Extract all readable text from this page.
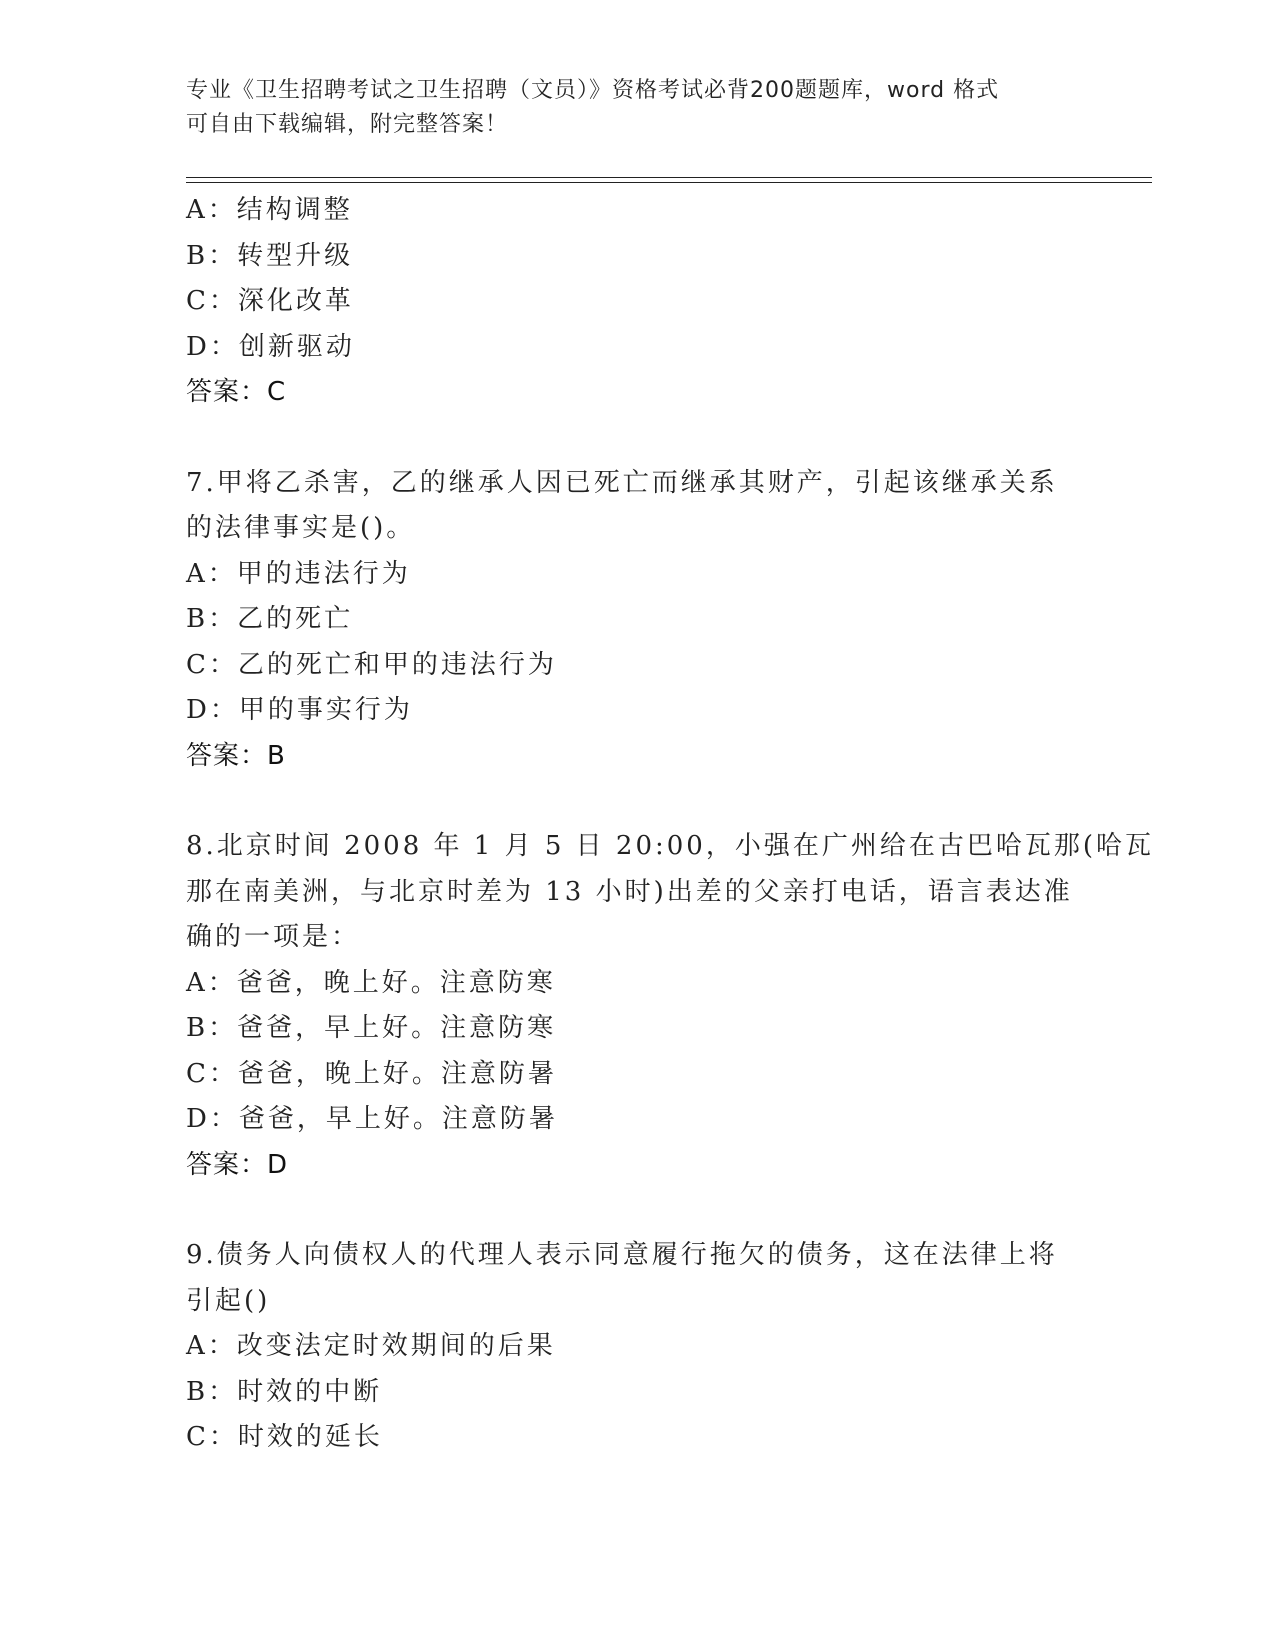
专业《卫生招聘考试之卫生招聘（文员）》资格考试必背200题题库，word 格式
可自由下载编辑，附完整答案！
A：结构调整
B：转型升级
C：深化改革
D：创新驱动
答案：C
7.甲将乙杀害，乙的继承人因已死亡而继承其财产，引起该继承关系
的法律事实是()。
A：甲的违法行为
B：乙的死亡
C：乙的死亡和甲的违法行为
D：甲的事实行为
答案：B
8.北京时间 2008 年 1 月 5 日 20:00，小强在广州给在古巴哈瓦那(哈瓦
那在南美洲，与北京时差为 13 小时)出差的父亲打电话，语言表达准
确的一项是：
A：爸爸，晚上好。注意防寒
B：爸爸，早上好。注意防寒
C：爸爸，晚上好。注意防暑
D：爸爸，早上好。注意防暑
答案：D
9.债务人向债权人的代理人表示同意履行拖欠的债务，这在法律上将
引起()
A：改变法定时效期间的后果
B：时效的中断
C：时效的延长
